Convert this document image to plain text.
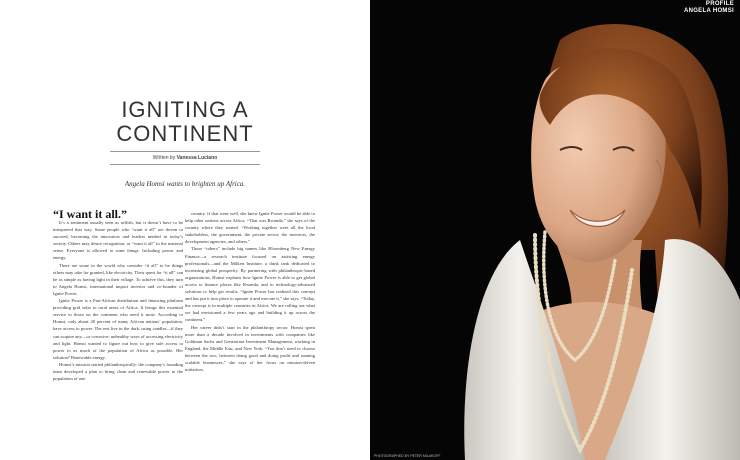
IGNITING A
CONTINENT
Written by Vanessa Luciano
Angela Homsi wants to brighten up Africa.
“I want it all.”

It’s a sentiment usually seen as selfish, but it doesn’t have to be interpreted that way. Some people who “want it all” are driven to succeed, becoming the innovators and leaders needed in today’s society. Others may desire recognition, or “want it all” in the material sense. Everyone is allowed to want things. Including power and energy.

There are some in the world who consider “it all” to be things others may take for granted, like electricity. Their quest for “it all” can be as simple as having light in their village. To achieve this, they turn to Angela Homsi, international impact investor and co-founder of Ignite Power.

Ignite Power is a Pan-African distribution and financing platform providing grid solar to rural areas of Africa. It brings this essential service to those on the continent who need it most. According to Homsi, only about 20 percent of many African nations’ population, have access to power. The rest live in the dark, using candles—if they can acquire any—or corrosive, unhealthy ways of accessing electricity and light. Homsi wanted to figure out how to give safe access to power to as much of the population of Africa as possible. Her solution? Renewable energy.

Homsi’s mission started philanthropically: the company’s founding team developed a plan to bring clean and renewable power to the population of one

country. If that went well, she knew Ignite Power would be able to help other nations across Africa. “That was Rwanda,” she says of the country where they started. “Working together were all the local stakeholders, the government, the private sector, the investors, the development agencies, and others.”

Those “others” include big names like Bloomberg New Energy Finance—a research institute focused on assisting energy professionals—and the Milken Institute, a think tank dedicated to increasing global prosperity. By partnering with philanthropic-based organizations, Homsi explains how Ignite Power is able to get global access to finance places like Rwanda, and to technology-advanced solutions to help get results. “Ignite Power has realized this concept and has put it into place to operate it and execute it,” she says. “Today, the concept is in multiple countries in Africa. We are rolling out what we had envisioned a few years ago and building it up across the continent.”

Her career didn’t start in the philanthropy sector. Homsi spent more than a decade involved in investments with companies like Goldman Sachs and Generation Investment Management, working in England, the Middle East, and New York. “You don’t need to choose between the two, between doing good and doing profit and running scalable businesses,” she says of her focus on mission-driven initiatives.

PROFILE
ANGELA HOMSI
PHOTOGRAPHED BY PETER MILAKOFF
